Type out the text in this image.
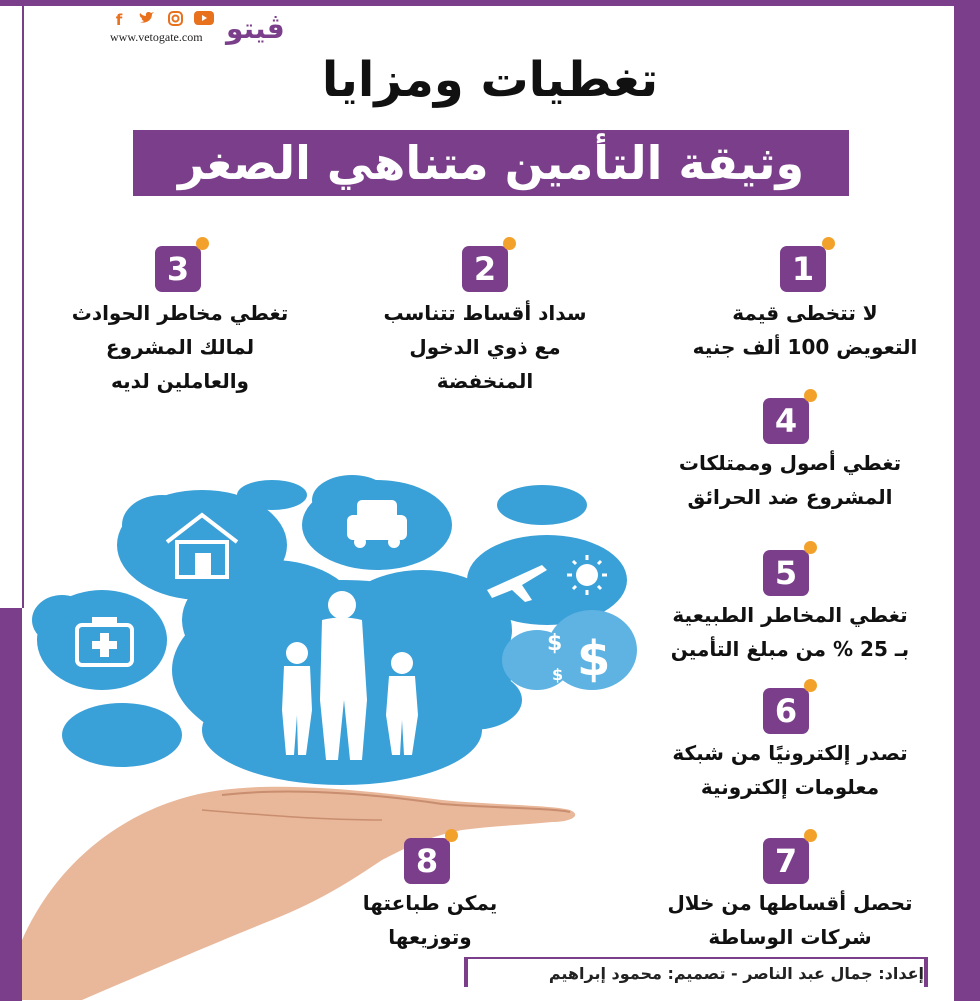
f
www.vetogate.com ڤيتو
تغطيات ومزايا
وثيقة التأمين متناهي الصغر
$
$
$
1
لا تتخطى قيمة
التعويض 100 ألف جنيه
2
سداد أقساط تتناسب
مع ذوي الدخول
المنخفضة
3
تغطي مخاطر الحوادث
لمالك المشروع
والعاملين لديه
4
تغطي أصول وممتلكات
المشروع ضد الحرائق
5
تغطي المخاطر الطبيعية
بـ 25 % من مبلغ التأمين
6
تصدر إلكترونيًا من شبكة
معلومات إلكترونية
7
تحصل أقساطها من خلال
شركات الوساطة
8
يمكن طباعتها
وتوزيعها
إعداد: جمال عبد الناصر - تصميم: محمود إبراهيم
